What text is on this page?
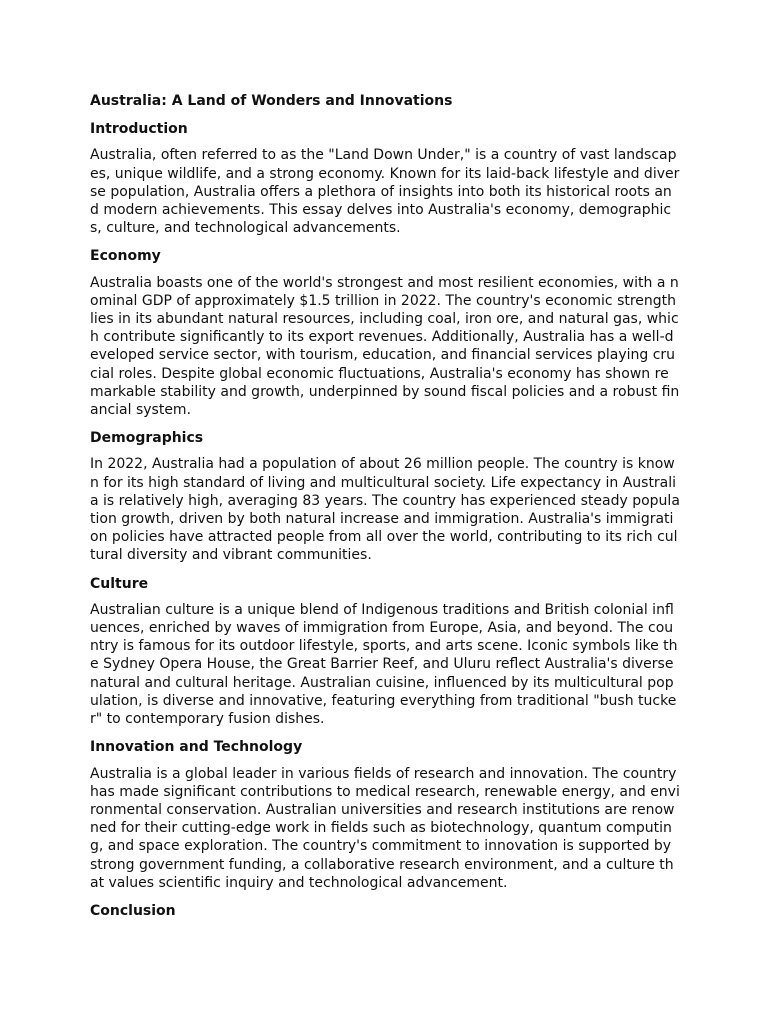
Australia: A Land of Wonders and Innovations
Introduction
Australia, often referred to as the "Land Down Under," is a country of vast landscapes, unique wildlife, and a strong economy. Known for its laid-back lifestyle and diverse population, Australia offers a plethora of insights into both its historical roots and modern achievements. This essay delves into Australia's economy, demographics, culture, and technological advancements.
Economy
Australia boasts one of the world's strongest and most resilient economies, with a nominal GDP of approximately $1.5 trillion in 2022. The country's economic strength lies in its abundant natural resources, including coal, iron ore, and natural gas, which contribute significantly to its export revenues. Additionally, Australia has a well-developed service sector, with tourism, education, and financial services playing crucial roles. Despite global economic fluctuations, Australia's economy has shown remarkable stability and growth, underpinned by sound fiscal policies and a robust financial system.
Demographics
In 2022, Australia had a population of about 26 million people. The country is known for its high standard of living and multicultural society. Life expectancy in Australia is relatively high, averaging 83 years. The country has experienced steady population growth, driven by both natural increase and immigration. Australia's immigration policies have attracted people from all over the world, contributing to its rich cultural diversity and vibrant communities.
Culture
Australian culture is a unique blend of Indigenous traditions and British colonial influences, enriched by waves of immigration from Europe, Asia, and beyond. The country is famous for its outdoor lifestyle, sports, and arts scene. Iconic symbols like the Sydney Opera House, the Great Barrier Reef, and Uluru reflect Australia's diverse natural and cultural heritage. Australian cuisine, influenced by its multicultural population, is diverse and innovative, featuring everything from traditional "bush tucker" to contemporary fusion dishes.
Innovation and Technology
Australia is a global leader in various fields of research and innovation. The country has made significant contributions to medical research, renewable energy, and environmental conservation. Australian universities and research institutions are renowned for their cutting-edge work in fields such as biotechnology, quantum computing, and space exploration. The country's commitment to innovation is supported by strong government funding, a collaborative research environment, and a culture that values scientific inquiry and technological advancement.
Conclusion
